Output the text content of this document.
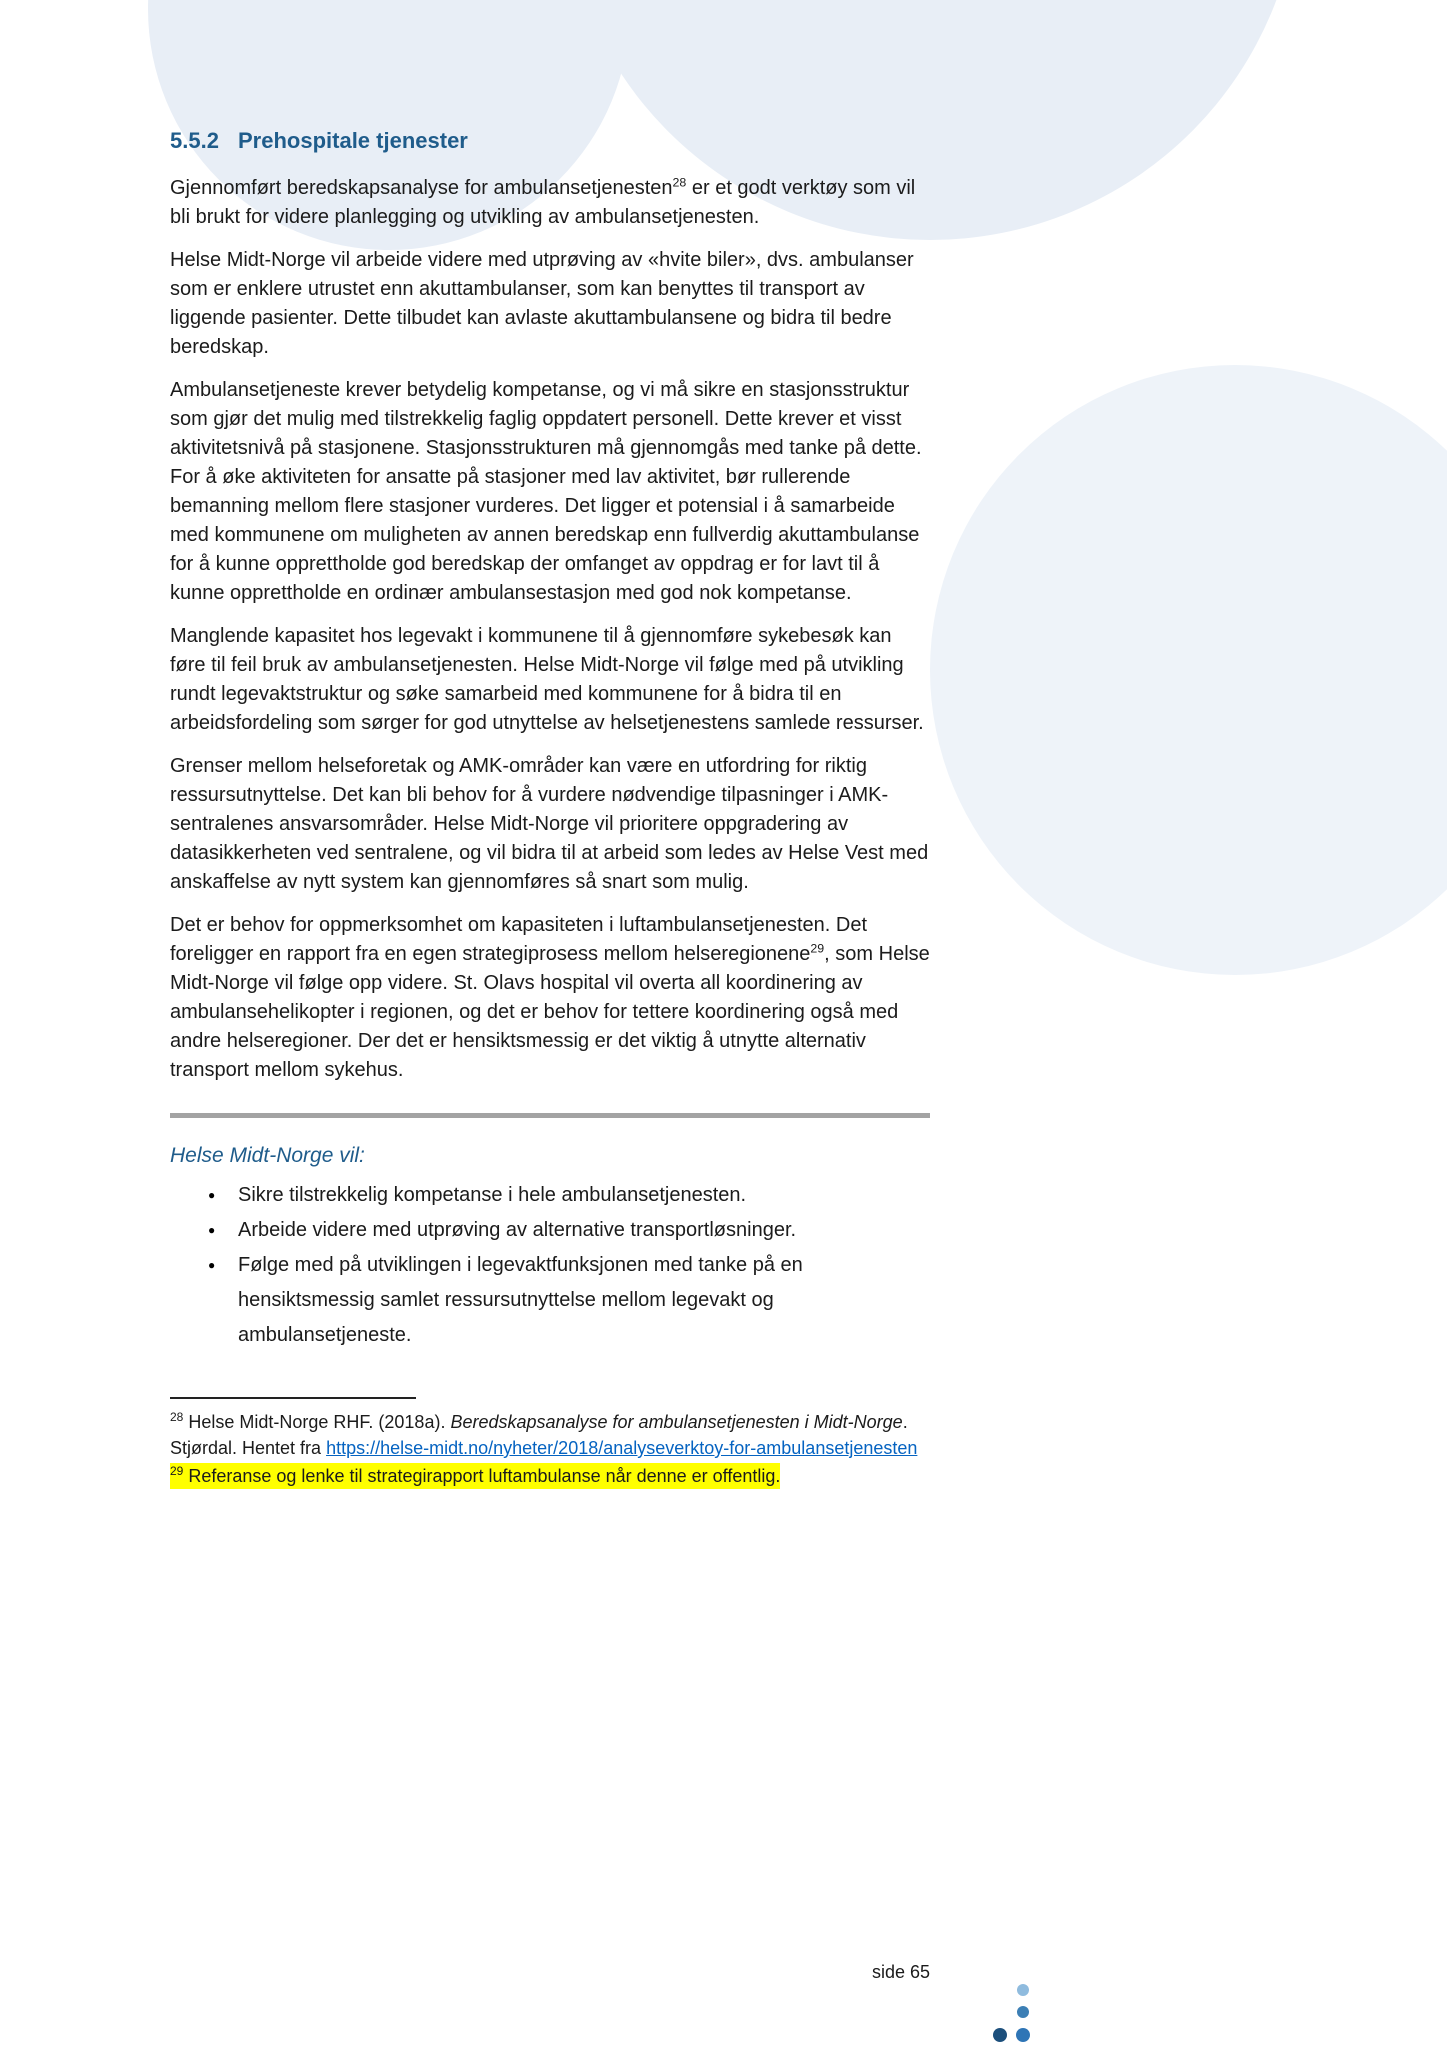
5.5.2 Prehospitale tjenester

Gjennomført beredskapsanalyse for ambulansetjenesten$^{28}$ er et godt verktøy som vil bli brukt for videre planlegging og utvikling av ambulansetjenesten.

Helse Midt-Norge vil arbeide videre med utprøving av «hvite biler», dvs. ambulanser som er enklere utrustet enn akuttambulanser, som kan benyttes til transport av liggende pasienter. Dette tilbudet kan avlaste akuttambulansene og bidra til bedre beredskap.

Ambulansetjeneste krever betydelig kompetanse, og vi må sikre en stasjonsstruktur som gjør det mulig med tilstrekkelig faglig oppdatert personell. Dette krever et visst aktivitetsnivå på stasjonene. Stasjonsstrukturen må gjennomgås med tanke på dette. For å øke aktiviteten for ansatte på stasjoner med lav aktivitet, bør rullerende bemanning mellom flere stasjoner vurderes. Det ligger et potensial i å samarbeide med kommunene om muligheten av annen beredskap enn fullverdig akuttambulanse for å kunne opprettholde god beredskap der omfanget av oppdrag er for lavt til å kunne opprettholde en ordinær ambulansestasjon med god nok kompetanse.

Manglende kapasitet hos legevakt i kommunene til å gjennomføre sykebesøk kan føre til feil bruk av ambulansetjenesten. Helse Midt-Norge vil følge med på utvikling rundt legevaktstruktur og søke samarbeid med kommunene for å bidra til en arbeidsfordeling som sørger for god utnyttelse av helsetjenestens samlede ressurser.

Grenser mellom helseforetak og AMK-områder kan være en utfordring for riktig ressursutnyttelse. Det kan bli behov for å vurdere nødvendige tilpasninger i AMK-sentralenes ansvarsområder. Helse Midt-Norge vil prioritere oppgradering av datasikkerheten ved sentralene, og vil bidra til at arbeid som ledes av Helse Vest med anskaffelse av nytt system kan gjennomføres så snart som mulig.

Det er behov for oppmerksomhet om kapasiteten i luftambulansetjenesten. Det foreligger en rapport fra en egen strategiprosess mellom helseregionene$^{29}$, som Helse Midt-Norge vil følge opp videre. St. Olavs hospital vil overta all koordinering av ambulansehelikopter i regionen, og det er behov for tettere koordinering også med andre helseregioner. Der det er hensiktsmessig er det viktig å utnytte alternativ transport mellom sykehus.

Helse Midt-Norge vil:

● Sikre tilstrekkelig kompetanse i hele ambulansetjenesten.
● Arbeide videre med utprøving av alternative transportløsninger.
● Følge med på utviklingen i legevaktfunksjonen med tanke på en hensiktsmessig samlet ressursutnyttelse mellom legevakt og ambulansetjeneste.
$^{28}$ Helse Midt-Norge RHF. (2018a). Beredskapsanalyse for ambulansetjenesten i Midt-Norge. Stjørdal. Hentet fra https://helse-midt.no/nyheter/2018/analyseverktoy-for-ambulansetjenesten
$^{29}$ Referanse og lenke til strategirapport luftambulanse når denne er offentlig.
side 65
